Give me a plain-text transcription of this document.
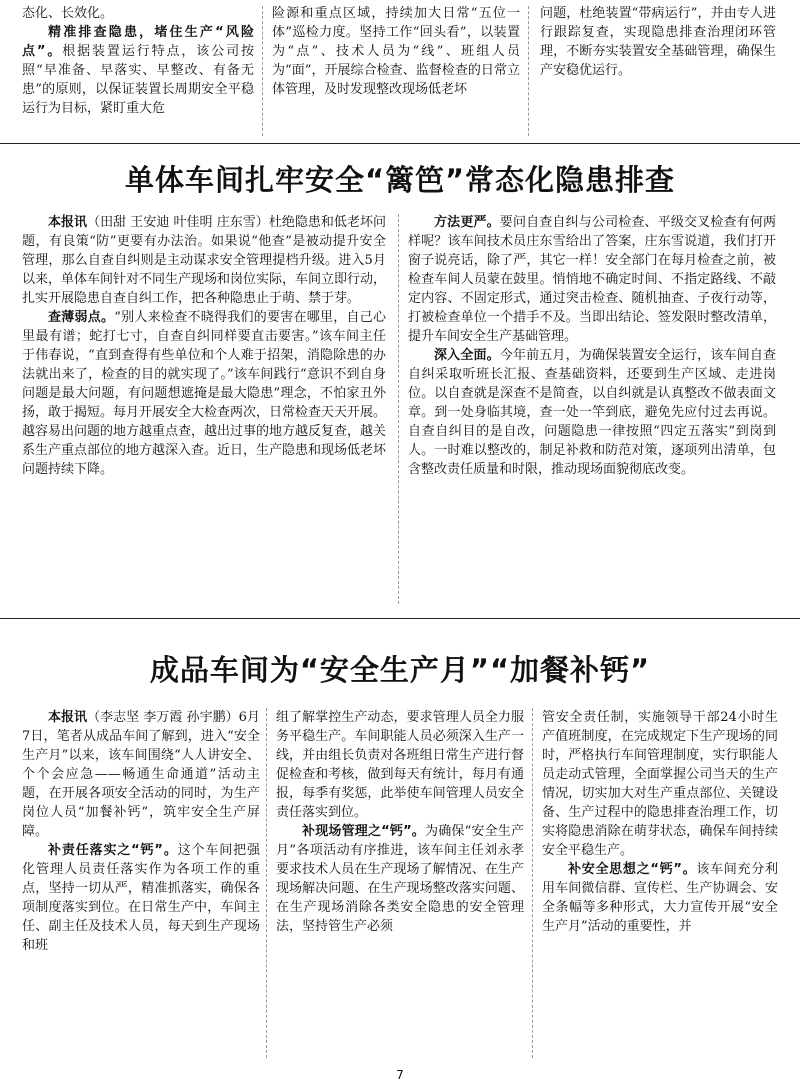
态化、长效化。

精准排查隐患，堵住生产“风险点”。根据装置运行特点，该公司按照“早准备、早落实、早整改、有备无患”的原则，以保证装置长周期安全平稳运行为目标，紧盯重大危

险源和重点区域，持续加大日常“五位一体”巡检力度。坚持工作“回头看”，以装置为“点”、技术人员为“线”、班组人员为“面”，开展综合检查、监督检查的日常立体管理，及时发现整改现场低老坏

问题，杜绝装置“带病运行”，并由专人进行跟踪复查，实现隐患排查治理闭环管理，不断夯实装置安全基础管理，确保生产安稳优运行。

单体车间扎牢安全“篱笆”常态化隐患排查

本报讯（田甜 王安迪 叶佳明 庄东雪）杜绝隐患和低老坏问题，有良策“防”更要有办法治。如果说“他查”是被动提升安全管理，那么自查自纠则是主动谋求安全管理提档升级。进入5月以来，单体车间针对不同生产现场和岗位实际，车间立即行动，扎实开展隐患自查自纠工作，把各种隐患止于萌、禁于芽。

查薄弱点。“别人来检查不晓得我们的要害在哪里，自己心里最有谱；蛇打七寸，自查自纠同样要直击要害。”该车间主任于伟春说，“直到查得有些单位和个人难于招架，消隐除患的办法就出来了，检查的目的就实现了。”该车间践行“意识不到自身问题是最大问题，有问题想遮掩是最大隐患”理念，不怕家丑外扬，敢于揭短。每月开展安全大检查两次，日常检查天天开展。越容易出问题的地方越重点查，越出过事的地方越反复查，越关系生产重点部位的地方越深入查。近日，生产隐患和现场低老坏问题持续下降。

方法更严。要问自查自纠与公司检查、平级交叉检查有何两样呢？该车间技术员庄东雪给出了答案，庄东雪说道，我们打开窗子说亮话，除了严，其它一样！安全部门在每月检查之前，被检查车间人员蒙在鼓里。悄悄地不确定时间、不指定路线、不敲定内容、不固定形式，通过突击检查、随机抽查、子夜行动等，打被检查单位一个措手不及。当即出结论、签发限时整改清单，提升车间安全生产基础管理。

深入全面。今年前五月，为确保装置安全运行，该车间自查自纠采取听班长汇报、查基础资料，还要到生产区域、走进岗位。以自查就是深查不是简查，以自纠就是认真整改不做表面文章。到一处身临其境，查一处一竿到底，避免先应付过去再说。自查自纠目的是自改，问题隐患一律按照“四定五落实”到岗到人。一时难以整改的，制足补救和防范对策，逐项列出清单，包含整改责任质量和时限，推动现场面貌彻底改变。

成品车间为“安全生产月”“加餐补钙”

本报讯（李志坚 李万霞 孙宇鹏）6月7日，笔者从成品车间了解到，进入“安全生产月”以来，该车间围绕“人人讲安全、个个会应急——畅通生命通道”活动主题，在开展各项安全活动的同时，为生产岗位人员“加餐补钙”，筑牢安全生产屏障。

补责任落实之“钙”。这个车间把强化管理人员责任落实作为各项工作的重点，坚持一切从严，精准抓落实，确保各项制度落实到位。在日常生产中，车间主任、副主任及技术人员，每天到生产现场和班

组了解掌控生产动态，要求管理人员全力服务平稳生产。车间职能人员必须深入生产一线，并由组长负责对各班组日常生产进行督促检查和考核，做到每天有统计，每月有通报，每季有奖惩，此举使车间管理人员安全责任落实到位。

补现场管理之“钙”。为确保“安全生产月”各项活动有序推进，该车间主任刘永孝要求技术人员在生产现场了解情况、在生产现场解决问题、在生产现场整改落实问题、在生产现场消除各类安全隐患的安全管理法，坚持管生产必须

管安全责任制，实施领导干部24小时生产值班制度，在完成规定下生产现场的同时，严格执行车间管理制度，实行职能人员走动式管理，全面掌握公司当天的生产情况，切实加大对生产重点部位、关键设备、生产过程中的隐患排查治理工作，切实将隐患消除在萌芽状态，确保车间持续安全平稳生产。

补安全思想之“钙”。该车间充分利用车间微信群、宣传栏、生产协调会、安全条幅等多种形式，大力宣传开展“安全生产月”活动的重要性，并

7
